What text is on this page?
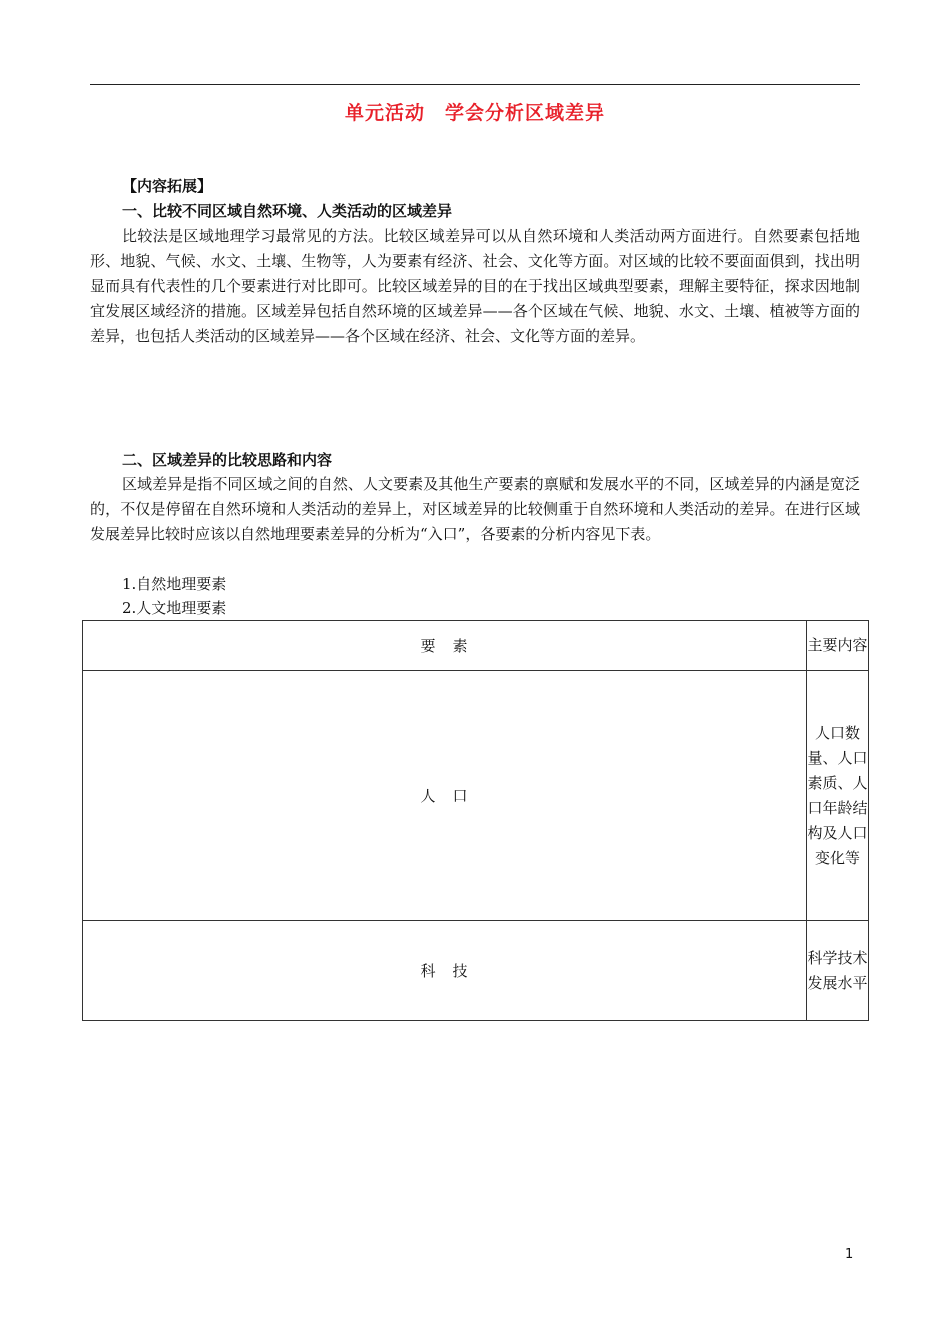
单元活动　学会分析区域差异
【内容拓展】
一、比较不同区域自然环境、人类活动的区域差异

比较法是区域地理学习最常见的方法。比较区域差异可以从自然环境和人类活动两方面进行。自然要素包括地形、地貌、气候、水文、土壤、生物等，人为要素有经济、社会、文化等方面。对区域的比较不要面面俱到，找出明显而具有代表性的几个要素进行对比即可。比较区域差异的目的在于找出区域典型要素，理解主要特征，探求因地制宜发展区域经济的措施。区域差异包括自然环境的区域差异——各个区域在气候、地貌、水文、土壤、植被等方面的差异，也包括人类活动的区域差异——各个区域在经济、社会、文化等方面的差异。

二、区域差异的比较思路和内容

区域差异是指不同区域之间的自然、人文要素及其他生产要素的禀赋和发展水平的不同，区域差异的内涵是宽泛的，不仅是停留在自然环境和人类活动的差异上，对区域差异的比较侧重于自然环境和人类活动的差异。在进行区域发展差异比较时应该以自然地理要素差异的分析为“入口”，各要素的分析内容见下表。

1.自然地理要素
2.人文地理要素
要　素	主要内容
人　口	人口数量、人口素质、人口年龄结构及人口变化等
科　技	科学技术发展水平
1
